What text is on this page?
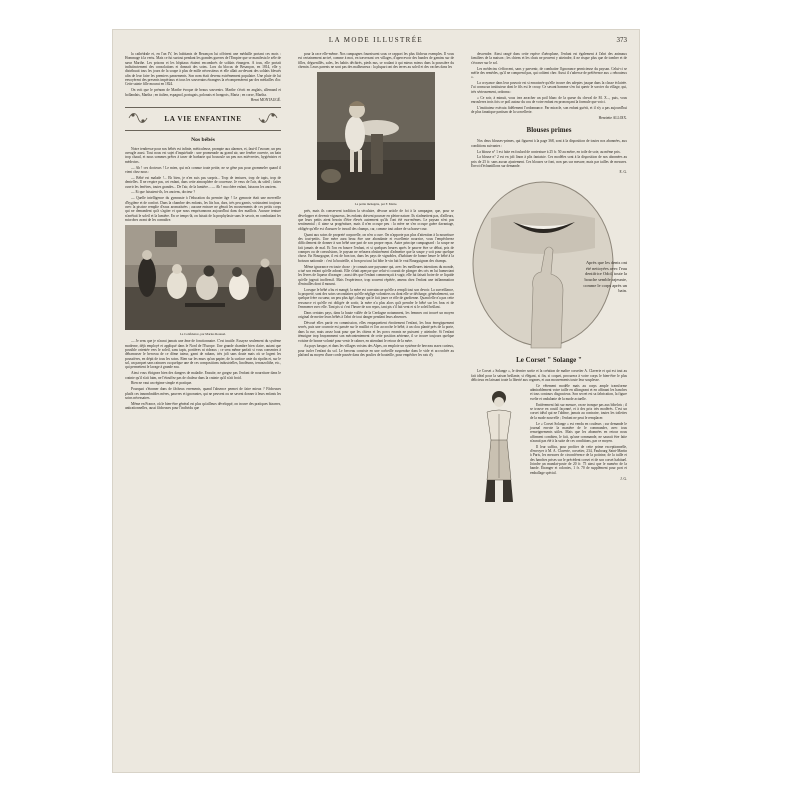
LA MODE ILLUSTRÉE	373

la cathédrale et, en l'an IV, les habitants de Besançon lui offrirent une médaille portant ces mots : Hommage à la vertu. Mais ce fut surtout pendant les grandes guerres de l'Empire que se manifesta le zèle de sœur Marthe. Les prisons et les hôpitaux étaient encombrés de soldats étrangers. A tous, elle portait indistinctement des consolations et donnait des soins. Lors du blocus de Besançon, en 1814, elle y distribuait tous les jours de la soupe à plus de mille nécessiteux et elle allait au-devant des soldats blessés afin de leur faire les premiers pansements. Son nom était devenu extrêmement populaire. Une pluie de lui envoyèrent des presents impériaux et tous les souverains étrangers la récompensèrent par des médailles d'or. Cette sainte fille mourut en 1824.

On voit que le prénom de Marthe évoque de beaux souvenirs. Marthe s'écrit en anglais, allemand et hollandais, Martha ; en italien, espagnol, portugais, polonais et hongrois, Marta ; en corse, Martha.

Henri MONTAUGÉ.
LA VIE ENFANTINE
Nos bébés

Notre tendresse pour nos bébés est infinie, méticuleuse, prompte aux alarmes, et, faut-il l'avouer, un peu aveugle aussi. Tout nous est sujet d'inquiétude : une promenade au grand air, une fenêtre ouverte, un bain trop chaud, et nous sommes prêtes à taxer de barbarie qui bouscule un peu nos mièvreries, hygiénistes et médecins.

— Ah ! ces docteurs ! Le mien, qui m'a connue toute petite, ne se gêne pas pour grommeler quand il vient chez nous :

— Bébé est malade !... Eh bien, je n'en suis pas surpris... Trop de tentures, trop de tapis, trop de dentelles. Il ne respire pas, cet enfant, dans cette atmosphère de couveuse. Je veux de l'air, du soleil ; faites ouvrir les fenêtres, toutes grandes... De l'air, de la lumière... — Ah ! ma chère enfant, laissons les anciens.

— Et que faisaient-ils, les anciens, docteur ?

— Quelle intelligence du gymnaste à l'éducation du premier âge ! Le gymnote était une merveille d'hygiène et de confort. Dans la chambre des enfants, les lits bas, durs, très peu garnis, voisinaient toujours avec la piscine remplie d'eaux aromatisées ; aucune entrave ne gênait les mouvements de ces petits corps qui ne demandent qu'à s'agiter et que nous emprisonnons aujourd'hui dans des maillots. Aucune tenture n'arrêtait le soleil et la lumière. En ce temps-là, on faisait de la prophylaxie sans le savoir, en combattant les microbes avant de les connaître.

La Confidence, par Marius Roussel.

— Je sens que je n'aurai jamais une âme de fonctionnaire. C'est inutile. Essayez seulement du système moderne, déjà employé et appliqué dans le Nord de l'Europe. Une grande chambre bien claire, autant que possible orientée vers le soleil, sans tapis, portières ni rideaux ; ce sera même parfait si vous consentez à débarrasser le berceau de ce dôme tuteur, garni de rubans, très joli sans doute mais où se logent les poussières, en dépit de tous les soins. Rien sur les murs qu'un papier, de la surface unie du ripolin et, sur le sol, un parquet sans rainures ou quelque une de ces compositions industrielles, linoléums, terrazzolithe, etc., qui permettent le lavage à grande eau.

Ainsi vous éloignez bien des dangers de maladie. Ensuite, ne gorgez pas l'enfant de nourriture dans le crainte qu'il n'ait faim, ne l'étouffez pas de chaleur dans la crainte qu'il n'ait froid.

Rien ne vaut un régime simple et pratique.

Pourquoi s'étonner dans de fâcheux errements, quand l'absence permet de faire mieux ? Fâcheuses plutôt ces innombrables mères, pauvres et ignorantes, qui ne peuvent ou ne savent donner à leurs enfants les soins nécessaires.

Même en France, où le bien-être général est plus qu'ailleurs développé, on trouve des pratiques bizarres, antirationnelles, aussi fâcheuses pour l'individu que

pour la race elle-même. Nos campagnes fournissent sous ce rapport les plus fâcheux exemples. Il vous est certainement arrivé, comme à moi, en traversant ces villages, d'apercevoir des bandes de gamins sur de filles, déguenillés, sales, les habits déchirés, pieds nus, se roulant à qui mieux mieux dans la poussière du chemin. Leurs parents ne sont pas des malheureux : la plupart ont des terres au soleil et des vaches dans les

La petite ménagère, par F. Marie.

prés, mais ils conservent tradition la séculaire, dévoue article de foi à la campagne, que, pour se développer et devenir vigoureux, les enfants doivent pousser en pleine nature. Ils n'admettent pas, d'ailleurs, que leurs petits aient besoin d'être élevés autrement qu'ils l'ont été eux-mêmes. Le paysan n'est pas sentimental ; il aime sa progéniture, mais il n'en occupe peu : la mère ne s'en occupe guère davantage, obligée qu'elle est d'assurer le travail des champs, car, comme tout adore de sa basse-cour.

Quant aux soins de propreté corporelle, on n'en a cure. On n'apporte pas plus d'attention à la nourriture des tout-petits. Une mère aura beau être une abondante et excellente nourrice, vous l'empêcherez difficilement de donner à son bébé une part de son propre repas. Autre principe campagnard : la soupe ne fait jamais de mal. Et l'on en bourre l'enfant, et si quelques heures après le pauvre être se débat, pris de crampes ou de convulsions, le paysan ne refusera obstinément d'admettre que la soupe y soit pour quelque chose. En Bourgogne, il est de bon ton, dans les pays de vignobles, d'habituer de bonne heure le bébé à la boisson nationale : c'est la bouteille, si bon peu tout lui bibe le vin fait le vrai Bourguignon des champs.

Même ignorance en toute chose : je connais une paysanne qui, avec les meilleures intentions du monde, a tué son enfant qu'elle adorait. Elle s'était aperçue que celui-ci courait de plonger des cris en lui humectant les lèvres de liqueur d'oranger ; aussi dès que l'enfant commençait à vagir, elle lui faisait boire de ce liquide qu'elle jugeait inoffensif. Mais l'expérience, trop souvent répétée, amena chez l'enfant une inflammation d'entrailles dont il mourut.

Lorsque le bébé a bu et mangé, la mère est convaincue qu'elle a rempli tout son devoir. La surveillance, la propreté, sont des soins secondaires qu'elle néglige volontiers ou dont elle se décharge, généralement, sur quelque frère ou sœur, un peu plus âgé, charge qui le fait jouer ce rôle de gardienne. Quand elle n'a pas cette ressource et qu'elle est obligée de sortir, la mère n'a plus alors qu'à prendre le bébé sur les bras et de l'emmener avec elle. Tant pis si c'est l'heure de son repos, tant pis s'il fait vent et si le soleil brûlant.

Dans certains pays, dans la haute vallée de la Cerdagne notamment, les femmes ont trouvé un moyen original de mettre leurs bébés à l'abri de tout danger pendant leurs absences.

Dévoué elles partir en commission, elles empaquettent étroitement l'enfant, les bras énergiquement serrés, puis une courroie est passée sur le maillot et l'on accroche le bébé, à un clou planté près de la porte, dans la rue, mais assez haut pour que les chiens et les porcs errants ne puissent y atteindre. Si l'enfant témoigne trop bruyamment son mécontentement de cette position aérienne, il se trouve toujours quelque voisine de bonne volonté pour venir le calmer, en attendant le retour de la mère.

Au pays basque, et dans les villages voisins des Alpes, on emploie un système de berceau assez curieux, pour isoler l'enfant du sol. Le berceau consiste en une corbeille suspendue dans le vide et accrochée au plafond au moyen d'une corde passée dans des poulies de bouteille, pour empêcher les rats d'y

descendre. Ainsi rangé dans cette espèce d'aéroplane, l'enfant est également à l'abri des animaux familiers de la maison ; les chiens et les chats ne peuvent y atteindre, il ne risque plus que de tomber et de s'écraser sur le sol.

Les médecins s'efforcent, sans y parvenir, de combattre l'ignorance pernicieuse du paysan. Celui-ci se méfie des remèdes, qu'il ne comprend pas, qui coûtent cher. Aussi il s'adresse de préférence aux « rebouteux ».

La croyance dans leur pouvoir est si enracinée qu'elle trouve des adeptes jusque dans la classe éclairée. J'ai connu un instituteur dont le fils est le crouy. Ce savant homme s'en fut querir le sorcier du village, qui, très sérieusement, ordonna :

« Ce soir, à minuit, vous irez arracher un poil blanc de la queue du cheval de M. X..., puis, vous enroulerez trois fois ce poil autour du cou de votre enfant en prononçant la formule que voici.

L'instituteur exécuta fidèlement l'ordonnance. Par miracle, son enfant guérit, et il n'y a pas aujourd'hui de plus fanatique partisan de la sorcellerie.

Henriette ALLOIX.
Blouses primes

Nos deux blouses-primes, qui figurent à la page 368, sont à la disposition de toutes nos abonnées, aux conditions suivantes :

La blouse n° 1 est faite en foulard de contexture à 25 fr. 50 au mètre, en toile de soie, au même prix.

La blouse n° 2 est en joli linon à plis fantaisie. Ces modèles sont à la disposition de nos abonnées au prix de 25 fr. sans aucun ajustement. Ces blouses se font, non pas sur mesure, mais par tailles de mesures. Envoi d'échantillons sur demande.

E. G.
Après que les dents ont été nettoyées avec l'eau dentifrice Odol, toute la bouche semble rajeunie, comme le corps après un bain.
Le Corset " Solange "

Le Corset « Solange », le dernier sortie et la création de maître corsetier A. Claverie et qui est tout au fait idéal pour la saison brûlante, si élégant, si fin, si coquet, procurera à votre corps le bien-être le plus délicieux en laissant toute la liberté aux organes, et aux mouvements toute leur souplesse.

Ce vêtement modèle mais au corps ample transforme admirablement votre taille en allongeant et en affinant les hanches et tous contours disgracieux. Son secret est sa fabrication, la figure svelte et ondulante de la mode actuelle.

Entièrement fait sur mesure, on ne tronque pas aux bibelots ; il se trouve en coutil façonné, et à des prix très modérés. C'est un corset idéal qui ne l'abîme, jamais au contraire, toutes les toilettes de la mode nouvelle ; l'enfant ne peut le remplacer.

Le « Corset Solange » est vendu en couleurs ; sur demande le journal envoie la manière de le commander, avec tous renseignements utiles. Mais que les abonnées en retour nous affirment combien, le fait, qu'une commande, ne saurait être faite n'aurait pas été à la suite de ces conditions, par ce moyen.

Il leur suffira, pour profiter de cette prime exceptionnelle, d'envoyer à M. A. Claverie, corsetier, 234, Faubourg Saint-Martin à Paris, les mesures de circonférence de la poitrine, de la taille et des hanches prises sur le précédent corset et de son corset habituel. Joindre un mandat-poste de 20 fr. 75 ainsi que le numéro de la bande. Étranger et colonies, 1 fr. 70 de supplément pour port et emballage spécial.

J. G.
